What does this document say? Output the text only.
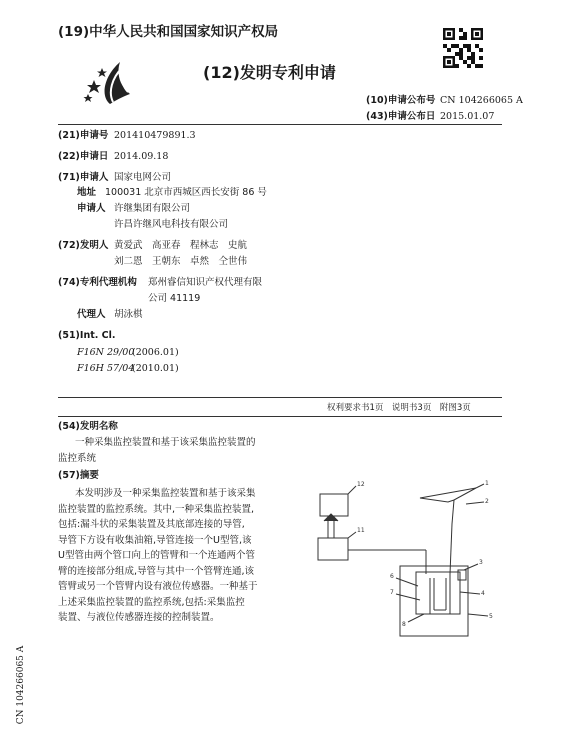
(19)中华人民共和国国家知识产权局
(12)发明专利申请
(10)申请公布号 CN 104266065 A
(43)申请公布日 2015.01.07
(21)申请号 201410479891.3
(22)申请日 2014.09.18
(71)申请人 国家电网公司
地址 100031 北京市西城区西长安街 86 号
申请人 许继集团有限公司
许昌许继风电科技有限公司
(72)发明人 黄爱武　高亚春　程林志　史航
刘二恩　王朝东　卓然　仝世伟
(74)专利代理机构 郑州睿信知识产权代理有限
公司 41119
代理人 胡泳棋
(51)Int. Cl.
F16N 29/00
(2006.01)
F16H 57/04
(2010.01)
权利要求书1页　说明书3页　附图3页
(54)发明名称
一种采集监控装置和基于该采集监控装置的
监控系统
(57)摘要
本发明涉及一种采集监控装置和基于该采集
监控装置的监控系统。其中,一种采集监控装置,
包括:漏斗状的采集装置及其底部连接的导管,
导管下方设有收集油箱,导管连接一个U型管,该
U型管由两个管口向上的管臂和一个连通两个管
臂的连接部分组成,导管与其中一个管臂连通,该
管臂或另一个管臂内设有液位传感器。一种基于
上述采集监控装置的监控系统,包括:采集监控
装置、与液位传感器连接的控制装置。
12
11
1
2
3
4
5
6
7
8
CN 104266065 A
